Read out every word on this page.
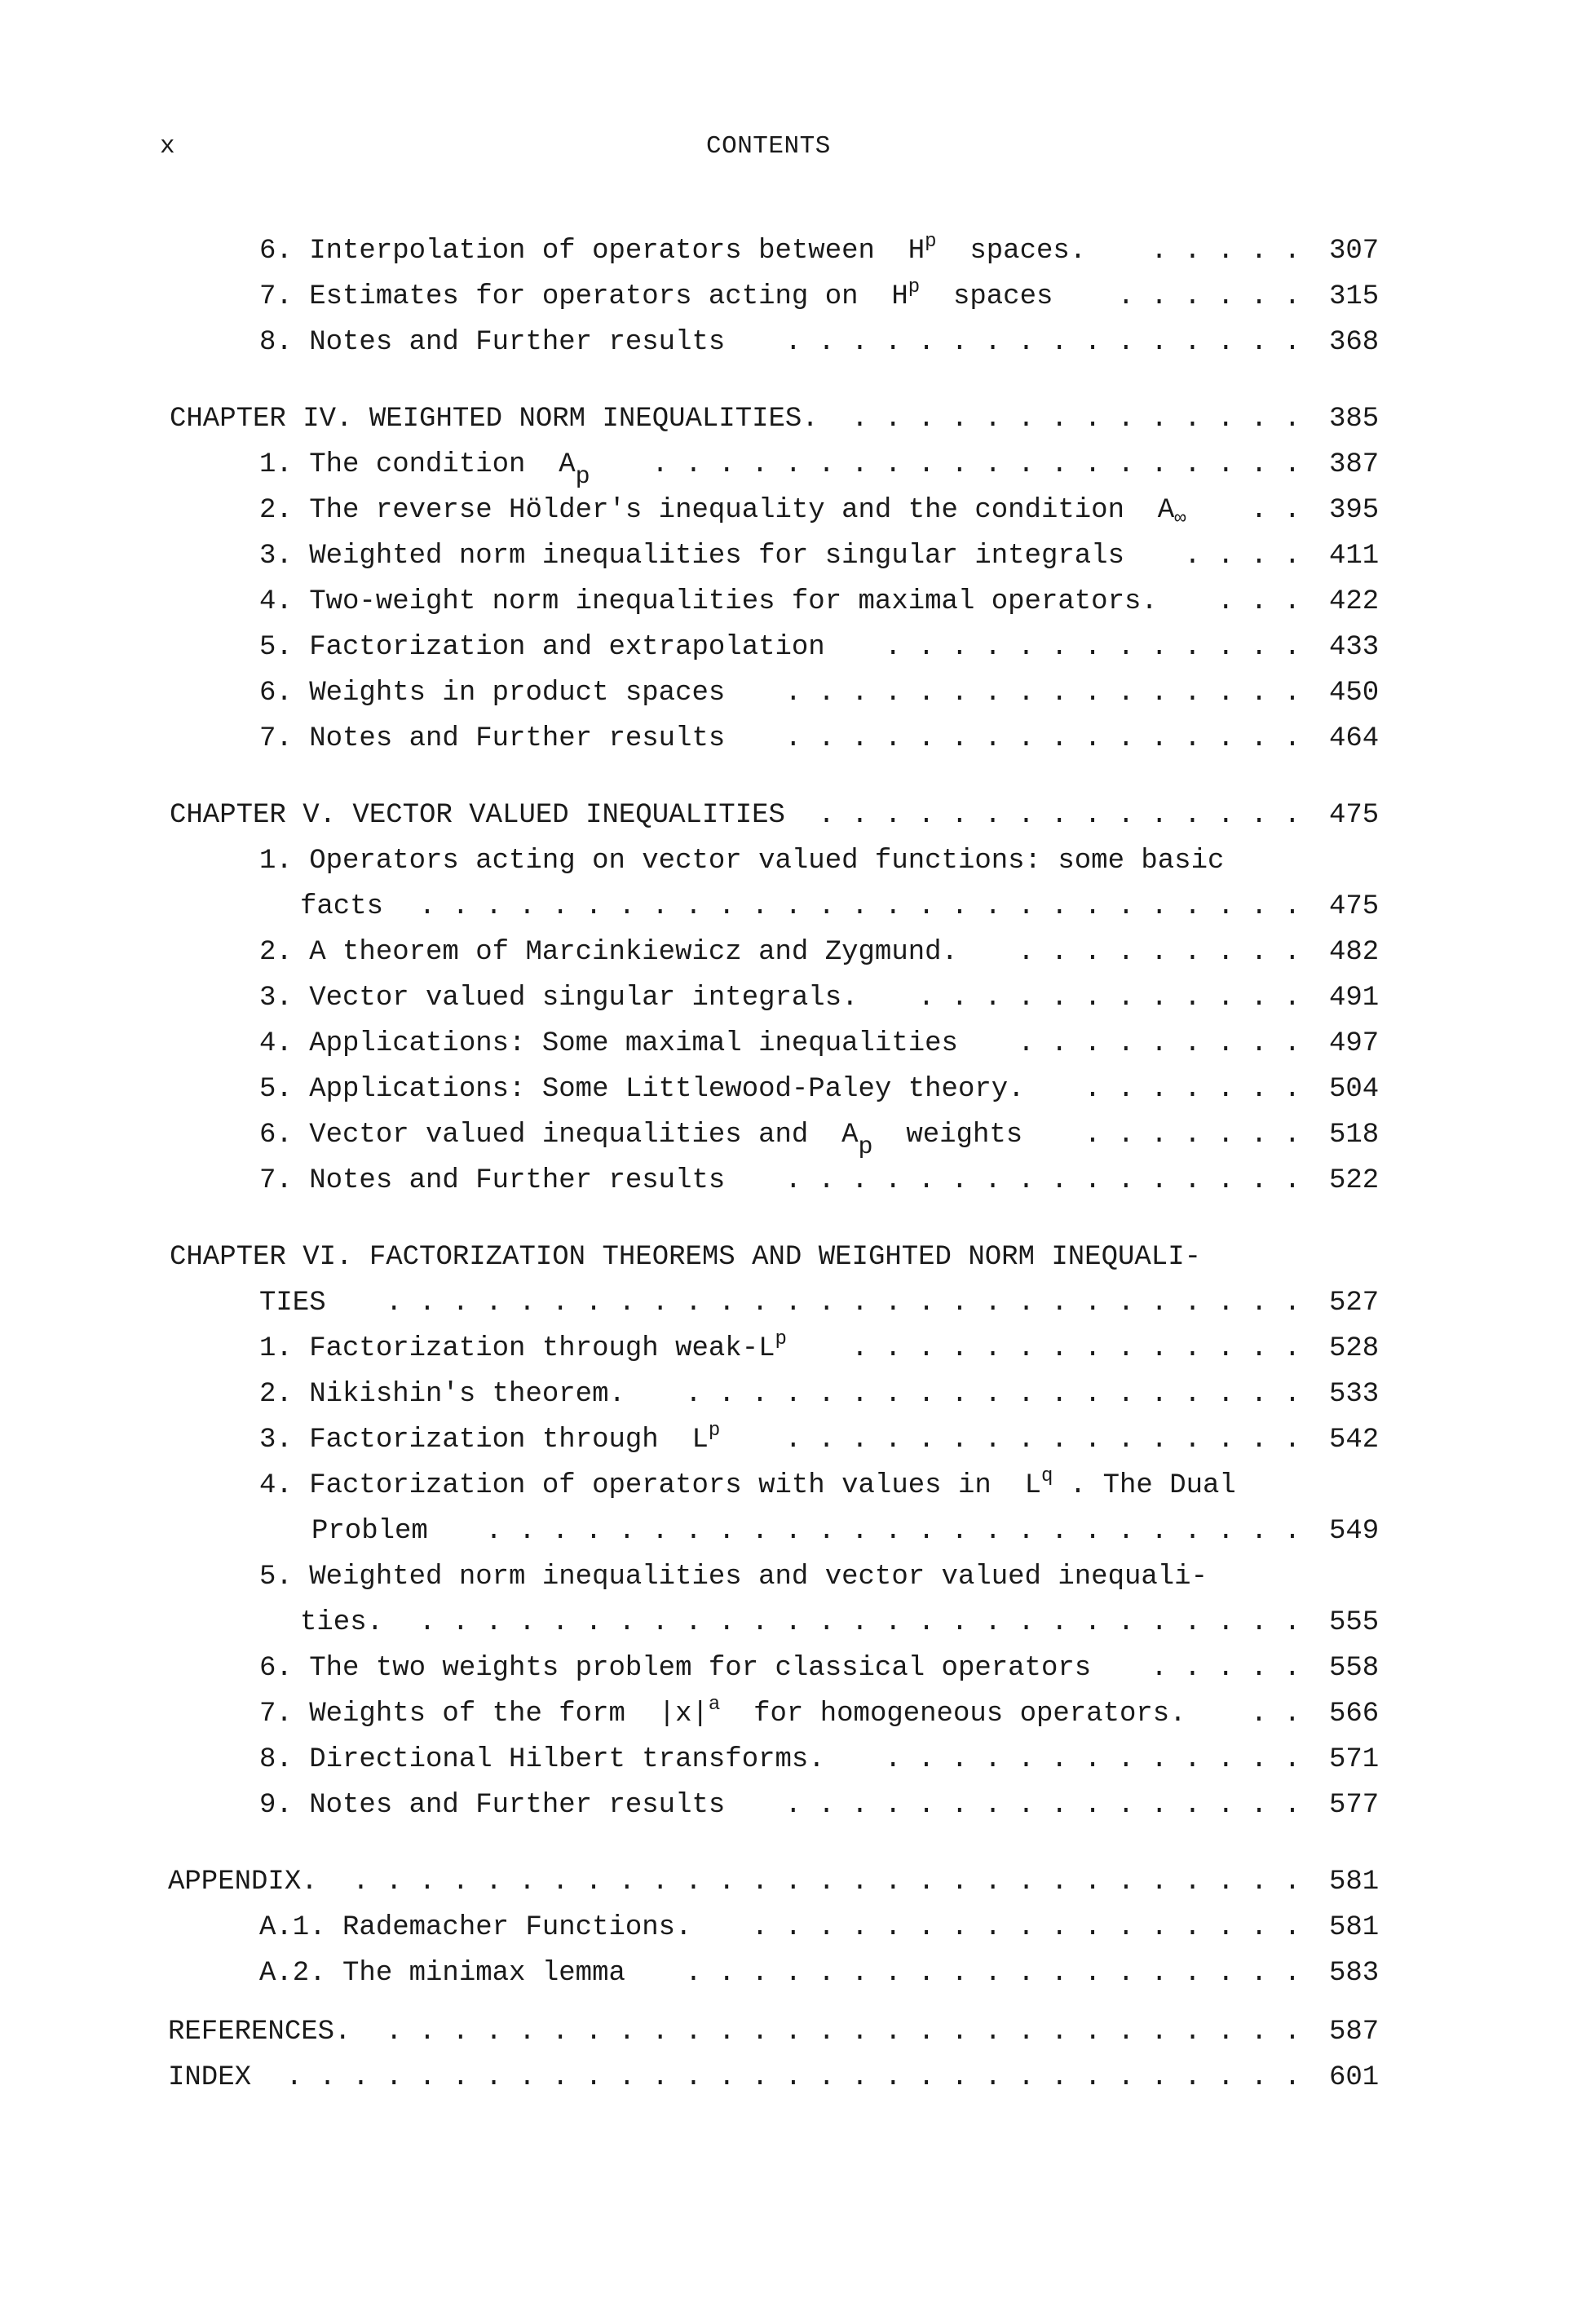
x	CONTENTS
6. Interpolation of operators between $H^p$  spaces. . . . . . 307
7. Estimates for operators acting on $H^p$  spaces . . . . . . 315
8. Notes and Further results . . . . . . . . . . . . . . . . 368
CHAPTER IV. WEIGHTED NORM INEQUALITIES. . . . . . . . . . . . . . . 385
1. The condition $A_p$ . . . . . . . . . . . . . . . . . . . . 387
2. The reverse Hölder's inequality and the condition $A_\infty$ . . 395
3. Weighted norm inequalities for singular integrals . . . . 411
4. Two-weight norm inequalities for maximal operators. . . . 422
5. Factorization and extrapolation . . . . . . . . . . . . . 433
6. Weights in product spaces . . . . . . . . . . . . . . . . 450
7. Notes and Further results . . . . . . . . . . . . . . . . 464
CHAPTER V. VECTOR VALUED INEQUALITIES . . . . . . . . . . . . . . . 475
1. Operators acting on vector valued functions: some basic
facts . . . . . . . . . . . . . . . . . . . . . . . . . . . 475
2. A theorem of Marcinkiewicz and Zygmund. . . . . . . . . . 482
3. Vector valued singular integrals. . . . . . . . . . . . . 491
4. Applications: Some maximal inequalities . . . . . . . . . 497
5. Applications: Some Littlewood-Paley theory. . . . . . . . 504
6. Vector valued inequalities and $A_p$  weights . . . . . . . 518
7. Notes and Further results . . . . . . . . . . . . . . . . 522
CHAPTER VI. FACTORIZATION THEOREMS AND WEIGHTED NORM INEQUALI-
TIES . . . . . . . . . . . . . . . . . . . . . . . . . . . . 527
1. Factorization through weak-$L^p$ . . . . . . . . . . . . . . 528
2. Nikishin's theorem. . . . . . . . . . . . . . . . . . . . 533
3. Factorization through $L^p$ . . . . . . . . . . . . . . . . 542
4. Factorization of operators with values in $L^q$ . The Dual
Problem . . . . . . . . . . . . . . . . . . . . . . . . . 549
5. Weighted norm inequalities and vector valued inequali-
ties. . . . . . . . . . . . . . . . . . . . . . . . . . . . 555
6. The two weights problem for classical operators . . . . . 558
7. Weights of the form $|x|^a$  for homogeneous operators. . . 566
8. Directional Hilbert transforms. . . . . . . . . . . . . . 571
9. Notes and Further results . . . . . . . . . . . . . . . . 577
APPENDIX. . . . . . . . . . . . . . . . . . . . . . . . . . . . . . 581
A.1. Rademacher Functions. . . . . . . . . . . . . . . . . . 581
A.2. The minimax lemma . . . . . . . . . . . . . . . . . . . 583
REFERENCES. . . . . . . . . . . . . . . . . . . . . . . . . . . . . 587
INDEX . . . . . . . . . . . . . . . . . . . . . . . . . . . . . . . 601
